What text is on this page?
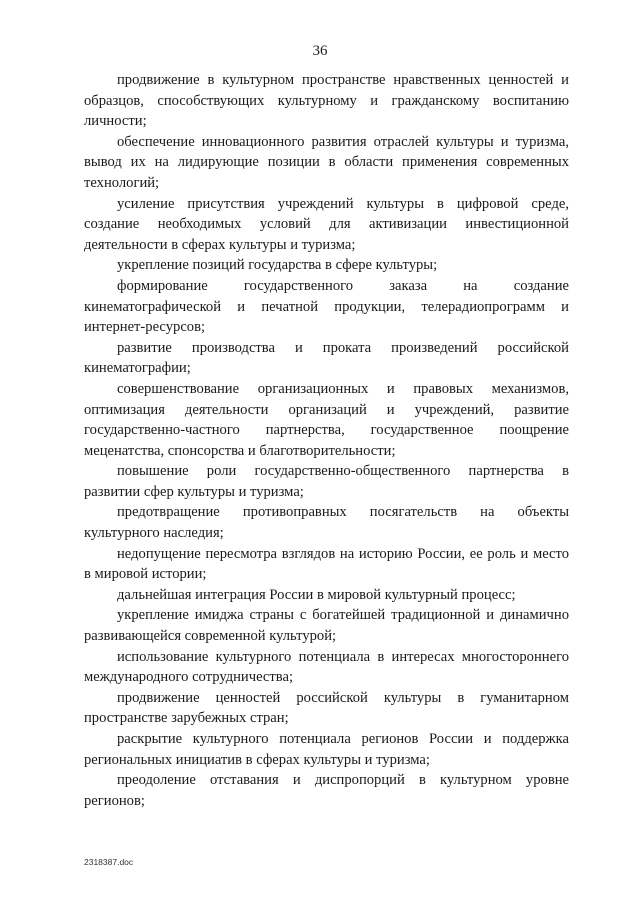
36

продвижение в культурном пространстве нравственных ценностей и образцов, способствующих культурному и гражданскому воспитанию личности;

обеспечение инновационного развития отраслей культуры и туризма, вывод их на лидирующие позиции в области применения современных технологий;

усиление присутствия учреждений культуры в цифровой среде, создание необходимых условий для активизации инвестиционной деятельности в сферах культуры и туризма;

укрепление позиций государства в сфере культуры;

формирование государственного заказа на создание кинематографической и печатной продукции, телерадиопрограмм и интернет-ресурсов;

развитие производства и проката произведений российской кинематографии;

совершенствование организационных и правовых механизмов, оптимизация деятельности организаций и учреждений, развитие государственно-частного партнерства, государственное поощрение меценатства, спонсорства и благотворительности;

повышение роли государственно-общественного партнерства в развитии сфер культуры и туризма;

предотвращение противоправных посягательств на объекты культурного наследия;

недопущение пересмотра взглядов на историю России, ее роль и место в мировой истории;

дальнейшая интеграция России в мировой культурный процесс;

укрепление имиджа страны с богатейшей традиционной и динамично развивающейся современной культурой;

использование культурного потенциала в интересах многостороннего международного сотрудничества;

продвижение ценностей российской культуры в гуманитарном пространстве зарубежных стран;

раскрытие культурного потенциала регионов России и поддержка региональных инициатив в сферах культуры и туризма;

преодоление отставания и диспропорций в культурном уровне регионов;

2318387.doc
